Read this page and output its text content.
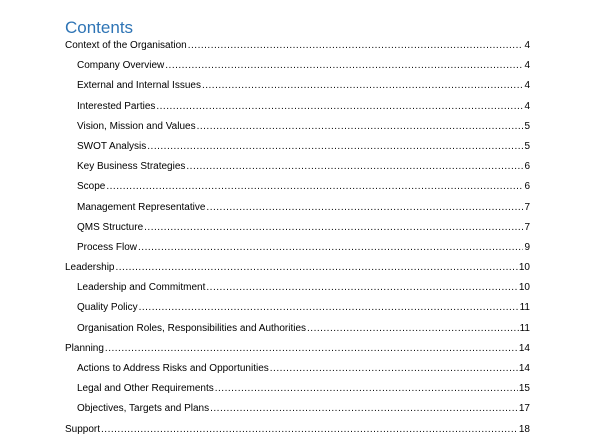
Contents
Context of the Organisation .....	4
Company Overview .....	4
External and Internal Issues .....	4
Interested Parties .....	4
Vision, Mission and Values .....	5
SWOT Analysis .....	5
Key Business Strategies .....	6
Scope .....	6
Management Representative .....	7
QMS Structure .....	7
Process Flow .....	9
Leadership .....	10
Leadership and Commitment .....	10
Quality Policy .....	11
Organisation Roles, Responsibilities and Authorities .....	11
Planning .....	14
Actions to Address Risks and Opportunities .....	14
Legal and Other Requirements .....	15
Objectives, Targets and Plans .....	17
Support .....	18
